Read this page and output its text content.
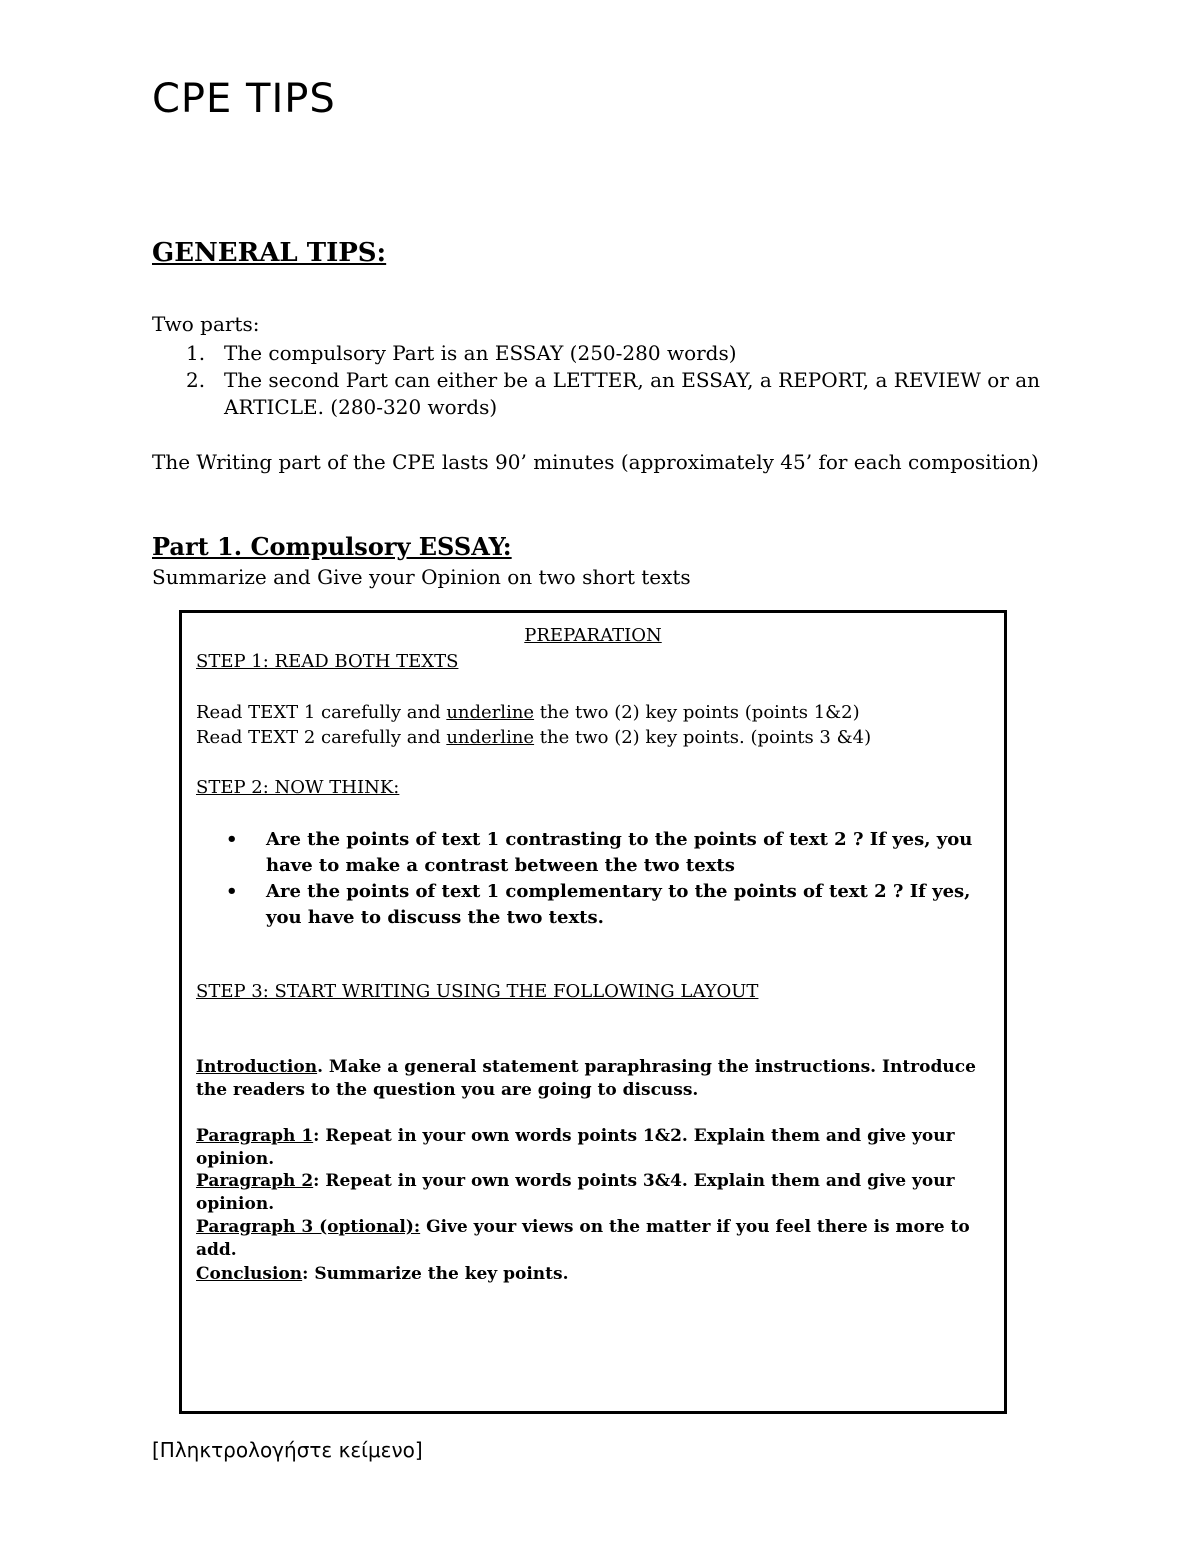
CPE TIPS
GENERAL TIPS:
Two parts:
1. The compulsory Part is an ESSAY (250-280 words)
2. The second Part can either be a LETTER, an ESSAY, a REPORT, a REVIEW or an ARTICLE. (280-320 words)
The Writing part of the CPE lasts 90’ minutes (approximately 45’ for each composition)
Part 1. Compulsory ESSAY:
Summarize and Give your Opinion on two short texts
PREPARATION
STEP 1: READ BOTH TEXTS
Read TEXT 1 carefully and underline the two (2) key points (points 1&2)
Read TEXT 2 carefully and underline the two (2) key points. (points 3 &4)
STEP 2: NOW THINK:
• Are the points of text 1 contrasting to the points of text 2 ? If yes, you have to make a contrast between the two texts
• Are the points of text 1 complementary to the points of text 2 ? If yes, you have to discuss the two texts.
STEP 3: START WRITING USING THE FOLLOWING LAYOUT
Introduction. Make a general statement paraphrasing the instructions. Introduce the readers to the question you are going to discuss.
Paragraph 1: Repeat in your own words points 1&2. Explain them and give your opinion.
Paragraph 2: Repeat in your own words points 3&4. Explain them and give your opinion.
Paragraph 3 (optional): Give your views on the matter if you feel there is more to add.
Conclusion: Summarize the key points.
[Πληκτρολογήστε κείμενο]
